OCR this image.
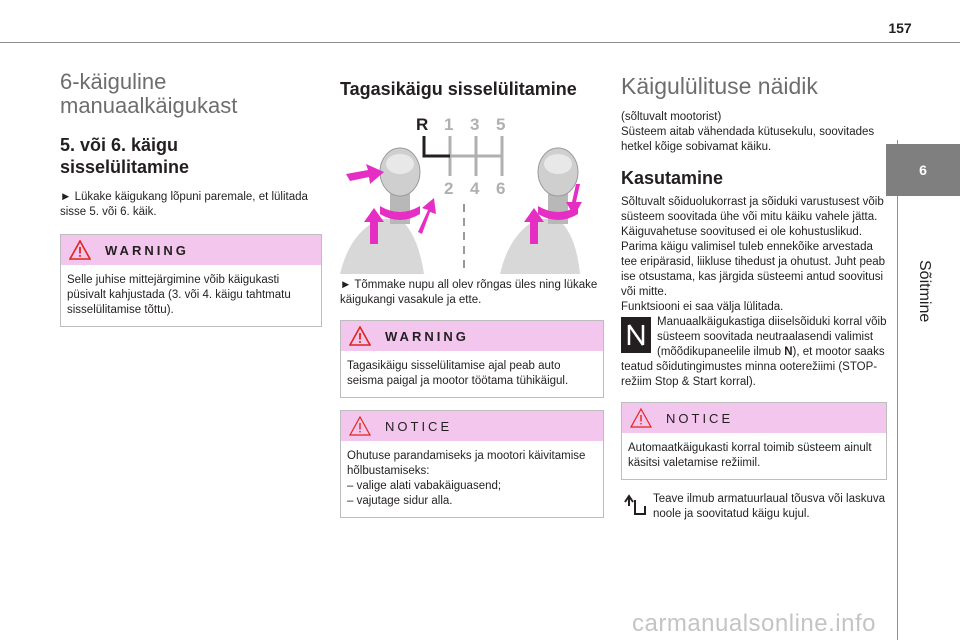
157
6
Sõitmine
6-käiguline manuaalkäigukast
5. või 6. käigu sisselülitamine

► Lükake käigukang lõpuni paremale, et lülitada sisse 5. või 6. käik.

WARNING
Selle juhise mittejärgimine võib käigukasti püsivalt kahjustada (3. või 4. käigu tahtmatu sisselülitamise tõttu).
Tagasikäigu sisselülitamine
R 1 3 5
2 4 6

► Tõmmake nupu all olev rõngas üles ning lükake käigukangi vasakule ja ette.

WARNING
Tagasikäigu sisselülitamise ajal peab auto seisma paigal ja mootor töötama tühikäigul.
NOTICE
Ohutuse parandamiseks ja mootori käivitamise hõlbustamiseks:
– valige alati vabakäiguasend;
– vajutage sidur alla.
Käigulülituse näidik

(sõltuvalt mootorist)
Süsteem aitab vähendada kütusekulu, soovitades hetkel kõige sobivamat käiku.

Kasutamine

Sõltuvalt sõiduolukorrast ja sõiduki varustusest võib süsteem soovitada ühe või mitu käiku vahele jätta.
Käiguvahetuse soovitused ei ole kohustuslikud. Parima käigu valimisel tuleb ennekõike arvestada tee eripärasid, liikluse tihedust ja ohutust. Juht peab ise otsustama, kas järgida süsteemi antud soovitusi või mitte.
Funktsiooni ei saa välja lülitada.

Manuaalkäigukastiga diiselsõiduki korral võib süsteem soovitada neutraalasendi valimist (mõõdikupaneelile ilmub N), et mootor saaks teatud sõidutingimustes minna ooterežiimi (STOP-režiim Stop & Start korral).
NOTICE
Automaatkäigukasti korral toimib süsteem ainult käsitsi valetamise režiimil.

Teave ilmub armatuurlaual tõusva või laskuva noole ja soovitatud käigu kujul.

carmanualsonline.info
